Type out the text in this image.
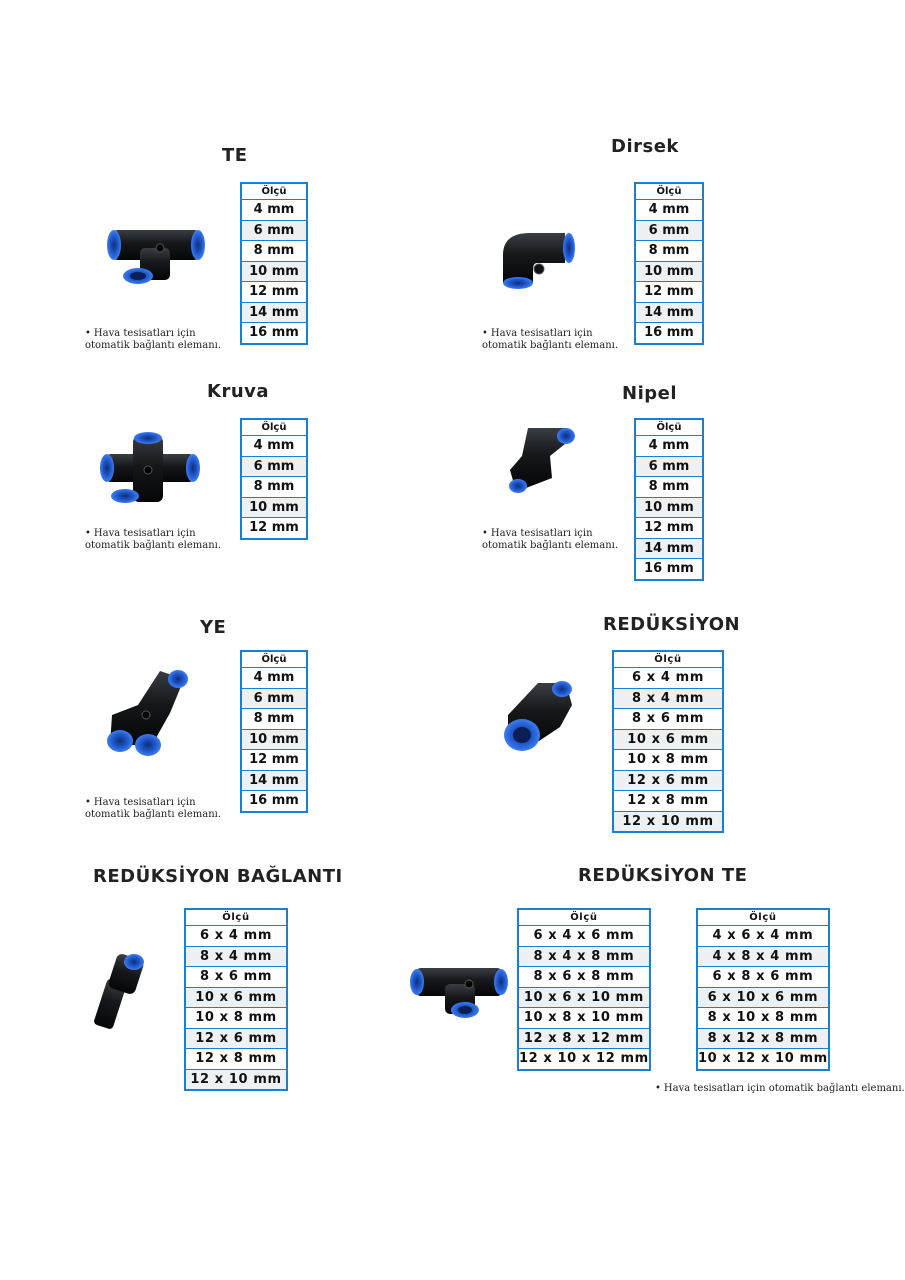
TE

• Hava tesisatları için
otomatik bağlantı elemanı.

Ölçü
4 mm
6 mm
8 mm
10 mm
12 mm
14 mm
16 mm
Dirsek

• Hava tesisatları için
otomatik bağlantı elemanı.

Ölçü
4 mm
6 mm
8 mm
10 mm
12 mm
14 mm
16 mm
Kruva

• Hava tesisatları için
otomatik bağlantı elemanı.

Ölçü
4 mm
6 mm
8 mm
10 mm
12 mm
Nipel

• Hava tesisatları için
otomatik bağlantı elemanı.

Ölçü
4 mm
6 mm
8 mm
10 mm
12 mm
14 mm
16 mm
YE

• Hava tesisatları için
otomatik bağlantı elemanı.

Ölçü
4 mm
6 mm
8 mm
10 mm
12 mm
14 mm
16 mm
REDÜKSİYON
Ölçü
6 x 4 mm
8 x 4 mm
8 x 6 mm
10 x 6 mm
10 x 8 mm
12 x 6 mm
12 x 8 mm
12 x 10 mm
REDÜKSİYON BAĞLANTI
Ölçü
6 x 4 mm
8 x 4 mm
8 x 6 mm
10 x 6 mm
10 x 8 mm
12 x 6 mm
12 x 8 mm
12 x 10 mm
REDÜKSİYON TE
Ölçü
6 x 4 x 6 mm
8 x 4 x 8 mm
8 x 6 x 8 mm
10 x 6 x 10 mm
10 x 8 x 10 mm
12 x 8 x 12 mm
12 x 10 x 12 mm
Ölçü
4 x 6 x 4 mm
4 x 8 x 4 mm
6 x 8 x 6 mm
6 x 10 x 6 mm
8 x 10 x 8 mm
8 x 12 x 8 mm
10 x 12 x 10 mm

• Hava tesisatları için otomatik bağlantı elemanı.
